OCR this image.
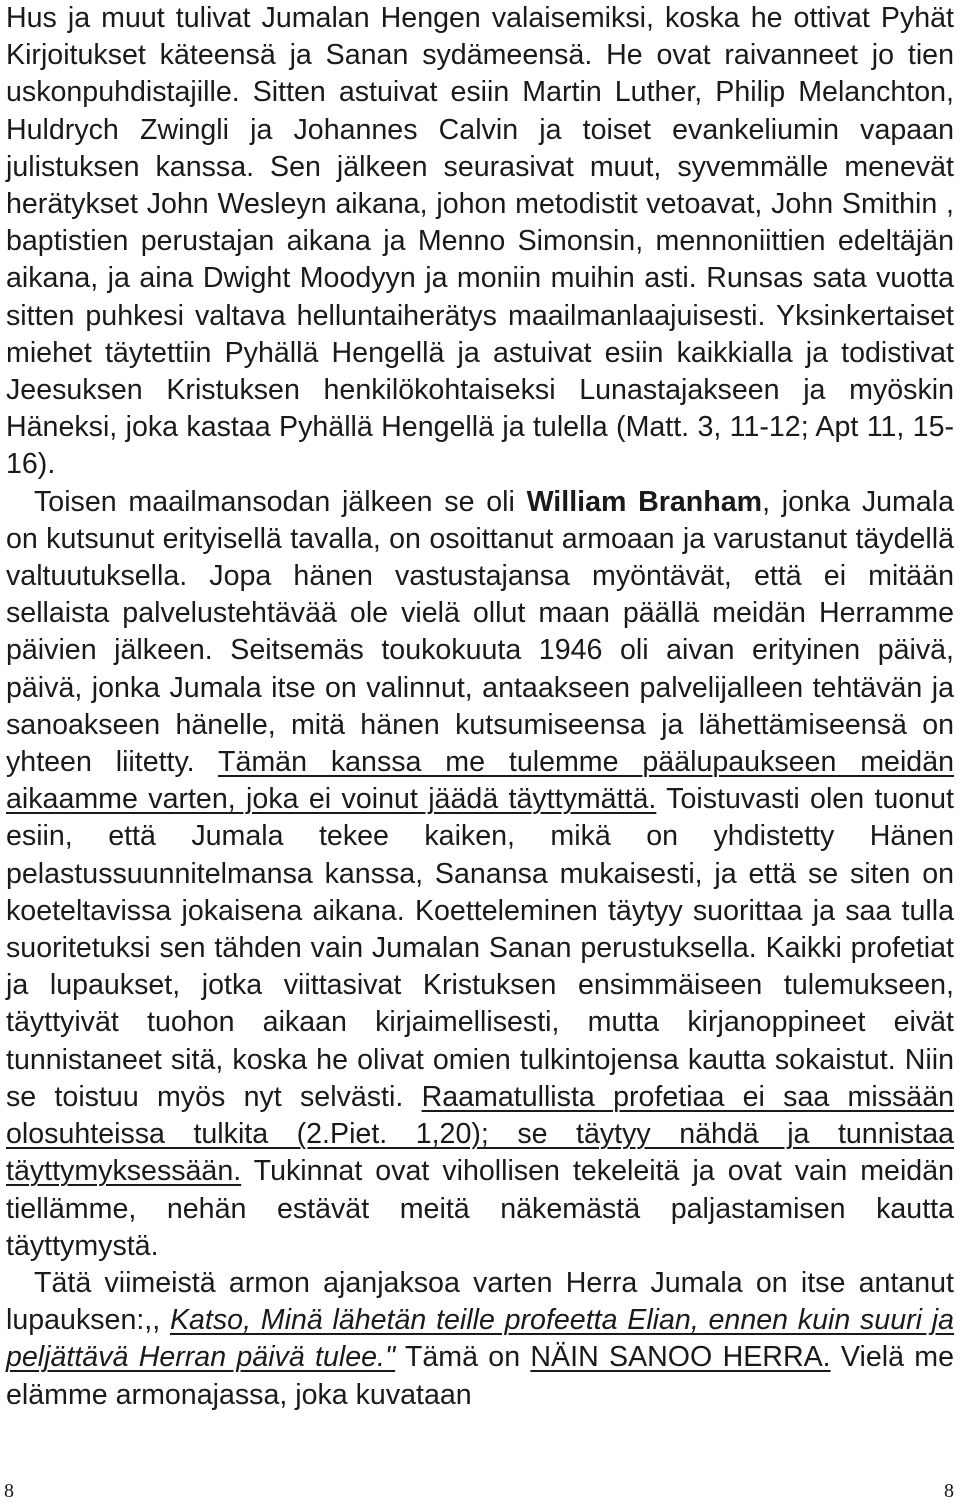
Hus ja muut tulivat Jumalan Hengen valaisemiksi, koska he ottivat Pyhät Kirjoitukset käteensä ja Sanan sydämeensä. He ovat raivanneet jo tien uskonpuhdistajille. Sitten astuivat esiin Martin Luther, Philip Melanchton, Huldrych Zwingli ja Johannes Calvin ja toiset evankeliumin vapaan julistuksen kanssa. Sen jälkeen seurasivat muut, syvemmälle menevät herätykset John Wesleyn aikana, johon metodistit vetoavat, John Smithin , baptistien perustajan aikana ja Menno Simonsin, mennoniittien edeltäjän aikana, ja aina Dwight Moodyyn ja moniin muihin asti. Runsas sata vuotta sitten puhkesi valtava helluntaiherätys maailmanlaajuisesti. Yksinkertaiset miehet täytettiin Pyhällä Hengellä ja astuivat esiin kaikkialla ja todistivat Jeesuksen Kristuksen henkilökohtaiseksi Lunastajakseen ja myöskin Häneksi, joka kastaa Pyhällä Hengellä ja tulella (Matt. 3, 11-12; Apt 11, 15-16).

Toisen maailmansodan jälkeen se oli William Branham, jonka Jumala on kutsunut erityisellä tavalla, on osoittanut armoaan ja varustanut täydellä valtuutuksella. Jopa hänen vastustajansa myöntävät, että ei mitään sellaista palvelustehtävää ole vielä ollut maan päällä meidän Herramme päivien jälkeen. Seitsemäs toukokuuta 1946 oli aivan erityinen päivä, päivä, jonka Jumala itse on valinnut, antaakseen palvelijalleen tehtävän ja sanoakseen hänelle, mitä hänen kutsumiseensa ja lähettämiseensä on yhteen liitetty. Tämän kanssa me tulemme päälupaukseen meidän aikaamme varten, joka ei voinut jäädä täyttymättä. Toistuvasti olen tuonut esiin, että Jumala tekee kaiken, mikä on yhdistetty Hänen pelastussuunnitelmansa kanssa, Sanansa mukaisesti, ja että se siten on koeteltavissa jokaisena aikana. Koetteleminen täytyy suorittaa ja saa tulla suoritetuksi sen tähden vain Jumalan Sanan perustuksella. Kaikki profetiat ja lupaukset, jotka viittasivat Kristuksen ensimmäiseen tulemukseen, täyttyivät tuohon aikaan kirjaimellisesti, mutta kirjanoppineet eivät tunnistaneet sitä, koska he olivat omien tulkintojensa kautta sokaistut. Niin se toistuu myös nyt selvästi. Raamatullista profetiaa ei saa missään olosuhteissa tulkita (2.Piet. 1,20); se täytyy nähdä ja tunnistaa täyttymyksessään. Tukinnat ovat vihollisen tekeleitä ja ovat vain meidän tiellämme, nehän estävät meitä näkemästä paljastamisen kautta täyttymystä.

Tätä viimeistä armon ajanjaksoa varten Herra Jumala on itse antanut lupauksen:,, Katso, Minä lähetän teille profeetta Elian, ennen kuin suuri ja peljättävä Herran päivä tulee." Tämä on NÄIN SANOO HERRA. Vielä me elämme armonajassa, joka kuvataan

8	8
